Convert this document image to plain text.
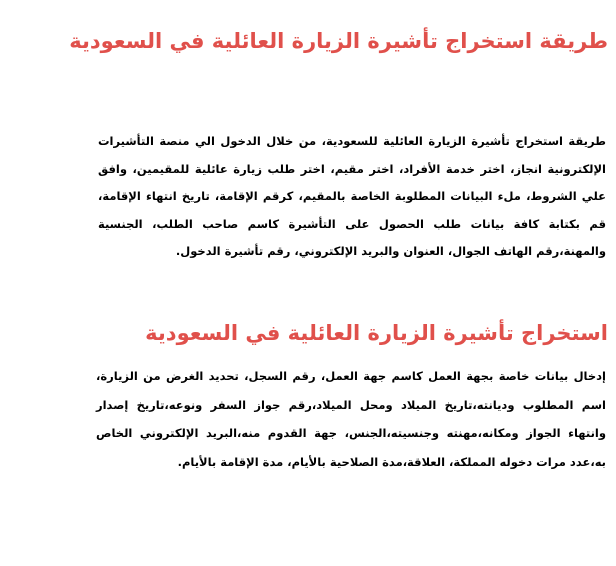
طريقة استخراج تأشيرة الزيارة العائلية في السعودية

طريقة استخراج تأشيرة الزيارة العائلية للسعودية، من خلال الدخول الي منصة التأشيرات الإلكترونية انجاز، اختر خدمة الأفراد، اختر مقيم، اختر طلب زيارة عائلية للمقيمين، وافق علي الشروط، ملء البيانات المطلوبة الخاصة بالمقيم، كرقم الإقامة، تاريخ انتهاء الإقامة، قم بكتابة كافة بيانات طلب الحصول على التأشيرة كاسم صاحب الطلب، الجنسية والمهنة،رقم الهاتف الجوال، العنوان والبريد الإلكتروني، رقم تأشيرة الدخول.

استخراج تأشيرة الزيارة العائلية في السعودية

إدخال بيانات خاصة بجهة العمل كاسم جهة العمل، رقم السجل، تحديد الغرض من الزيارة، اسم المطلوب وديانته،تاريخ الميلاد ومحل الميلاد،رقم جواز السفر ونوعه،تاريخ إصدار وانتهاء الجواز ومكانه،مهنته وجنسيته،الجنس، جهة القدوم منه،البريد الإلكتروني الخاص به،عدد مرات دخوله المملكة، العلاقة،مدة الصلاحية بالأيام، مدة الإقامة بالأيام.
